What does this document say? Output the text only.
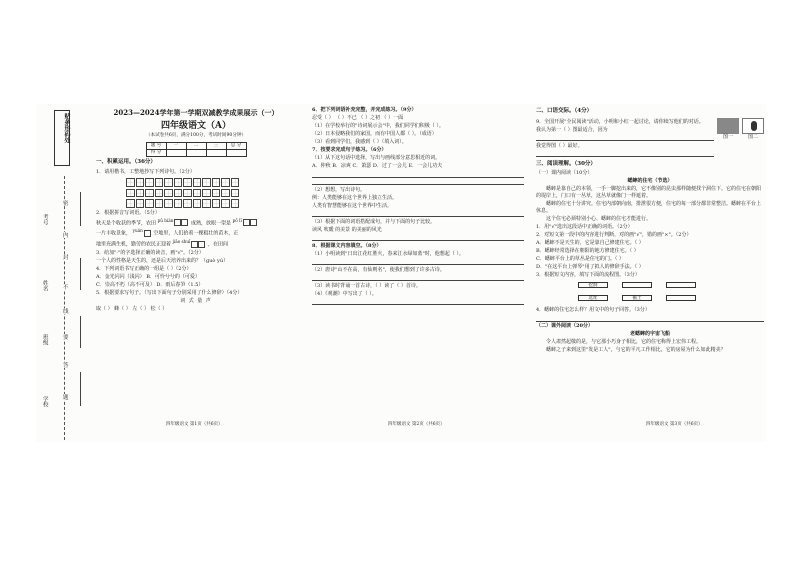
贴条形码处
学校
班级
姓名
考号
密
封
线
内
不
要
答
题
2023—2024学年第一学期双减教学成果展示（一）
四年级语文（A）
（本试卷共6页，满分100分，考试时间90分钟）
题 号	一	二	三	总 分
得 分				
一、积累运用。（36分）
1．请用楷书，工整地抄写下列诗句。（2分）
2．根据拼音写词语。（5分）
秋天是个收获的季节，农田 $^{pǔ biàn}$
成熟，放眼一望是 $^{pō lǐ}$
一片丰收景象， $^{yuán}$
空地里，人们抬着一棵粗壮的苗木，正
地里充满生机，勤劳的农民正迎着 $^{jiāo shuǐ}$
，在田间
3．给加"·"的字选择正确的读音，画"√"。（2分）
一个人的性格是天生的，还是后天培养出来的？（ɡuò yú）
4．下列词语书写正确的一组是（ ）（2分）
A．金光闪闪（浅闪） B．可怜兮兮的（可爱）
C．崇高不朽（高不可及） D．雨后春笋（1.5）
5．根据要求写句子。（写出下面句子分别采用了什么修辞）（4分）
词 式 量 声
取（ ） 蜂（ ） 左（ ） 松（ ）
四年级语文 第1页（共6页）
6．把下列词语补充完整，并完成练习。（9分）
忍受（ ） （ ）不已 （ ）之初 （ ）一面
（1）在学校举行的"诗词展示会"中，我们同学们积极（ ）。
（2）日本侵略我们的家国，而有中国人都（ ）。（成语）
（3）看到同学们，我感到（ ）（填入词）。
7．按要求完成句子练习。（6分）
（1）从下这句话中选择，写出与画线部分意思相近的词。
A．仲秋 B．凉爽 C．萧瑟 D．过了一会儿 E．一会儿功夫
（2）想想，写出诗句。
例：人类能够在这个世界上独立生活。
人类有智慧能够在这个世界中生活。
（3）根据下面的词语搭配成句，并与下面的句子比较。
读风 吹暖 的美景 的美丽的风光
8．根据课文内容填空。（8分）
（1）小明读到"日出江花红胜火，春来江水绿如蓝"时，他想起（ ）。
（2）唐诗"山不在高，有仙则名"，使我们想到了许多古诗。
（3）读书时背诵一首古诗，（ ）读了（ ）首诗。
（4）《观潮》中写出了（ ）。
四年级语文 第2页（共6页）
二、口语交际。（4分）
9．全国开展"全民阅读"活动，小明和小红一起讨论，请你续写他们的对话。
我认为第一（ ）图最适合，因为
我觉得图（ ）最好。
图一	图二
三、阅读理解。（30分）
（一）课内阅读（10分）
蟋蟀的住宅（节选）
蟋蟀是靠自己的本领，一手一脚挖出来的，它不像别的昆虫那样随便找个洞住下。它的住宅在朝阳的堤岸上，门口有一丛草，这丛草就像门一样遮着。
蟋蟀的住宅十分讲究。住宅内部朝向南，排泄很方便，住宅的每一部分都非常整洁。蟋蟀在平台上休息。
这个住宅必须特别小心、蟋蟀的住宅才能进行。
1．用"√"选出这段话中正确的词语。（2分）
2．对短文第一段中的内容进行判断，对的画"√"，错的画"×"。（2分）
A．蟋蟀不是天生的，它是靠自己修建住宅。（ ）
B．蟋蟀经常选择在朝阳的地方修建住宅。（ ）
C．蟋蟀平台上的草丛是住宅的门。（ ）
D．"在这平台上弹琴"用了拟人的修辞手法。（ ）
3．根据短文内容，填写下面的流程图。（3分）
挖洞
选址	掘土
4．蟋蟀的住宅怎么样？用文中的句子回答。（3分）
（二）课外阅读（20分）
老蟋蟀的宇宙飞船
令人肃然起敬的是，与它那小巧身子相比，它的住宅称得上宏伟工程。
蟋蟀之子来到这里"发是工人"，与它的平凡工作相比，它的房屋为什么如此精美？
四年级语文 第3页（共6页）
